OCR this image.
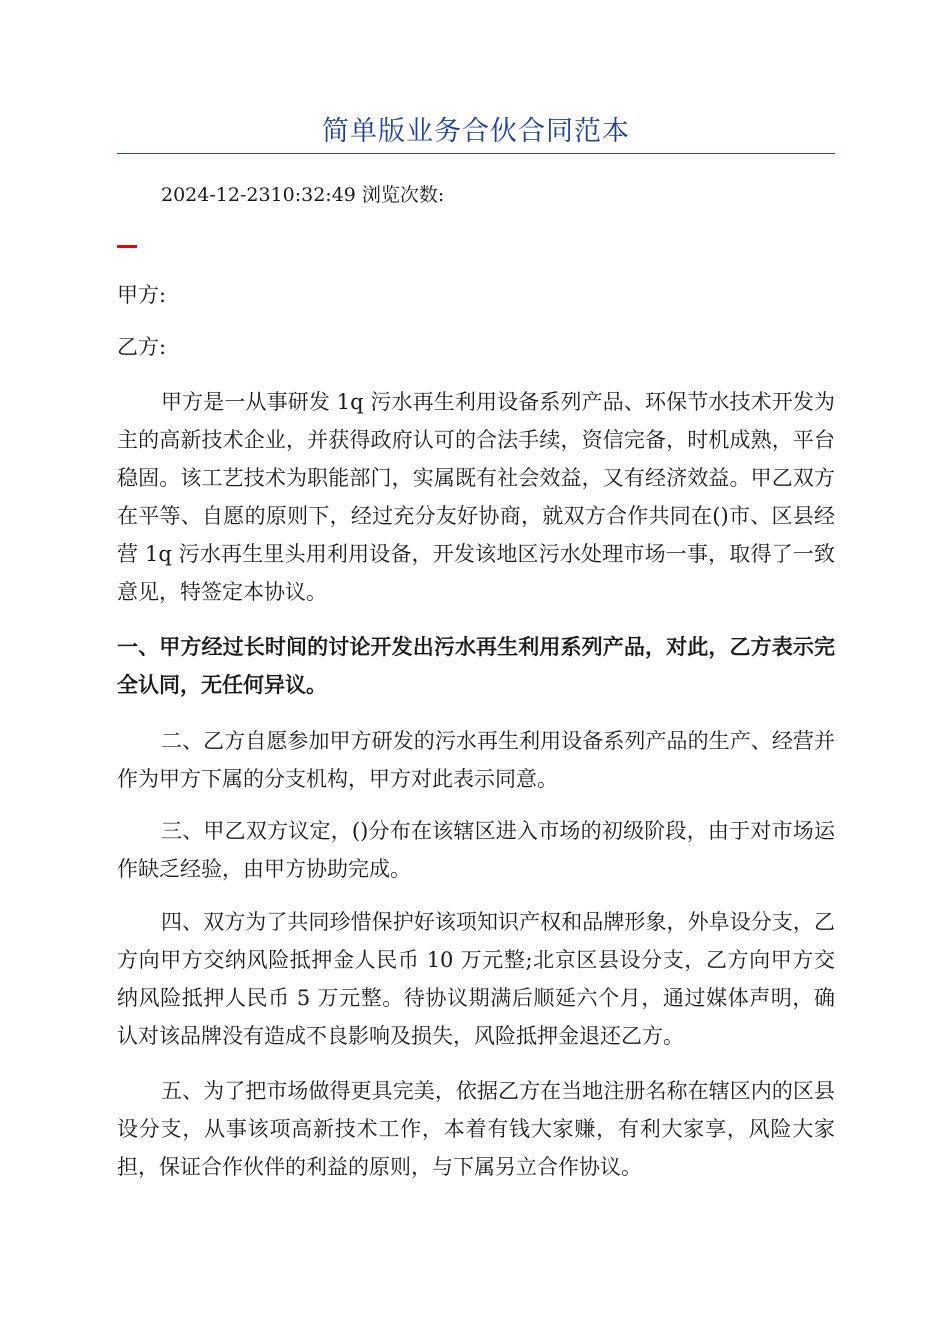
简单版业务合伙合同范本
2024-12-2310:32:49 浏览次数:
甲方:
乙方:

甲方是一从事研发 1q 污水再生利用设备系列产品、环保节水技术开发为主的高新技术企业，并获得政府认可的合法手续，资信完备，时机成熟，平台稳固。该工艺技术为职能部门，实属既有社会效益，又有经济效益。甲乙双方在平等、自愿的原则下，经过充分友好协商，就双方合作共同在()市、区县经营 1q 污水再生里头用利用设备，开发该地区污水处理市场一事，取得了一致意见，特签定本协议。

一、甲方经过长时间的讨论开发出污水再生利用系列产品，对此，乙方表示完全认同，无任何异议。

二、乙方自愿参加甲方研发的污水再生利用设备系列产品的生产、经营并作为甲方下属的分支机构，甲方对此表示同意。

三、甲乙双方议定，()分布在该辖区进入市场的初级阶段，由于对市场运作缺乏经验，由甲方协助完成。

四、双方为了共同珍惜保护好该项知识产权和品牌形象，外阜设分支，乙方向甲方交纳风险抵押金人民币 10 万元整;北京区县设分支，乙方向甲方交纳风险抵押人民币 5 万元整。待协议期满后顺延六个月，通过媒体声明，确认对该品牌没有造成不良影响及损失，风险抵押金退还乙方。

五、为了把市场做得更具完美，依据乙方在当地注册名称在辖区内的区县设分支，从事该项高新技术工作，本着有钱大家赚，有利大家享，风险大家担，保证合作伙伴的利益的原则，与下属另立合作协议。
